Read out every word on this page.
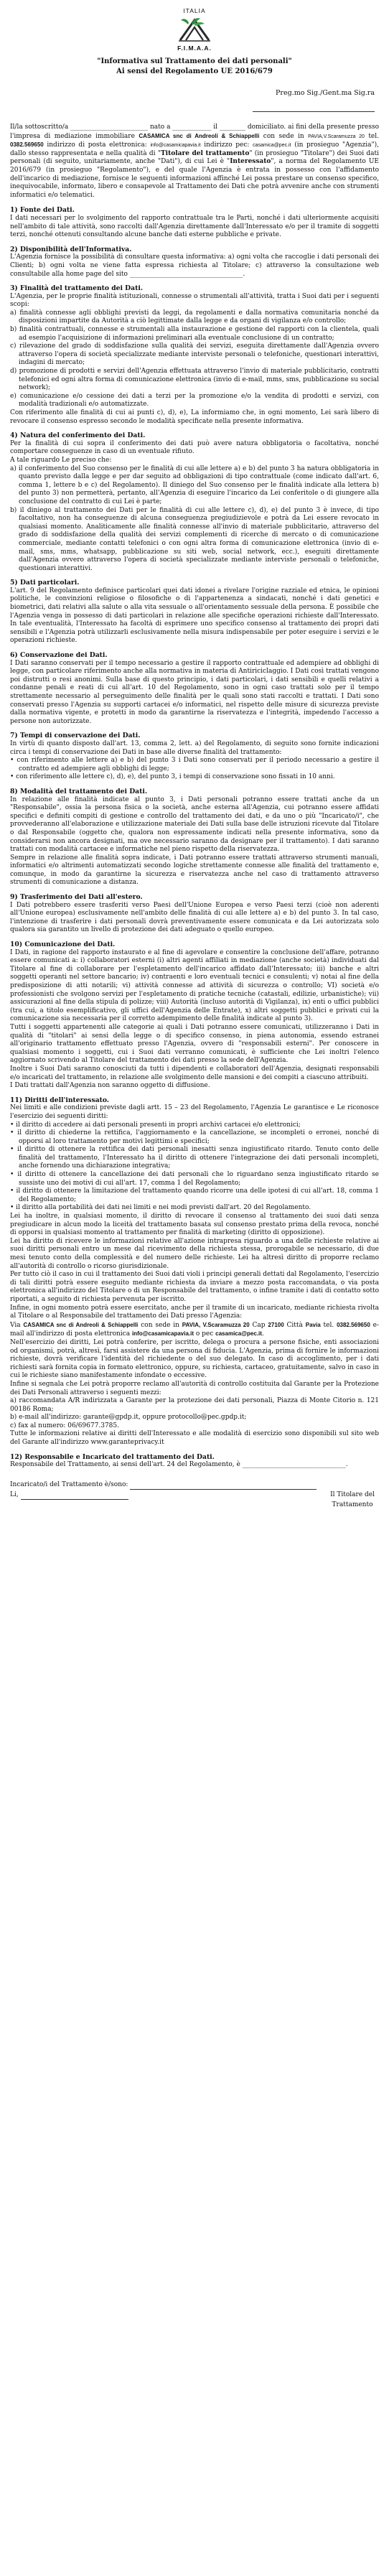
ITALIA
F.I.M.A.A.
"Informativa sul Trattamento dei dati personali"
Ai sensi del Regolamento UE 2016/679
Preg.mo Sig./Gent.ma Sig.ra

Il/la sottoscritto/a ________________________ nato a ____________ il ________ domiciliato. ai fini della presente presso l'impresa di mediazione immobiliare CASAMICA snc di Andreoli & Schiappelli con sede in PAVIA,V.Scaramuzza 20 tel. 0382.569650 indirizzo di posta elettronica: info@casamicapavia.it indirizzo pec: casamica@pec.it (in prosieguo "Agenzia"), dallo stesso rappresentata e nella qualità di "Titolare del trattamento" (in prosieguo "Titolare") dei Suoi dati personali (di seguito, unitariamente, anche "Dati"), di cui Lei è "Interessato", a norma del Regolamento UE 2016/679 (in prosieguo "Regolamento"), e del quale l'Agenzia è entrata in possesso con l'affidamento dell'incarico di mediazione, fornisce le seguenti informazioni affinché Lei possa prestare un consenso specifico, inequivocabile, informato, libero e consapevole al Trattamento dei Dati che potrà avvenire anche con strumenti informatici e/o telematici.

1) Fonte dei Dati.

I dati necessari per lo svolgimento del rapporto contrattuale tra le Parti, nonché i dati ulteriormente acquisiti nell'ambito di tale attività, sono raccolti dall'Agenzia direttamente dall'Interessato e/o per il tramite di soggetti terzi, nonché ottenuti consultando alcune banche dati esterne pubbliche e private.

2) Disponibilità dell'Informativa.

L'Agenzia fornisce la possibilità di consultare questa informativa: a) ogni volta che raccoglie i dati personali dei Clienti; b) ogni volta ne viene fatta espressa richiesta al Titolare; c) attraverso la consultazione web consultabile alla home page del sito ___________________________________.

3) Finalità del trattamento dei Dati.

L'Agenzia, per le proprie finalità istituzionali, connesse o strumentali all'attività, tratta i Suoi dati per i seguenti scopi:

a) finalità connesse agli obblighi previsti da leggi, da regolamenti e dalla normativa comunitaria nonché da disposizioni impartite da Autorità a ciò legittimate dalla legge e da organi di vigilanza e/o controllo;

b) finalità contrattuali, connesse e strumentali alla instaurazione e gestione del rapporti con la clientela, quali ad esempio l'acquisizione di informazioni preliminari alla eventuale conclusione di un contratto;

c) rilevazione del grado di soddisfazione sulla qualità dei servizi, eseguita direttamente dall'Agenzia ovvero attraverso l'opera di società specializzate mediante interviste personali o telefoniche, questionari interattivi, indagini di mercato;

d) promozione di prodotti e servizi dell'Agenzia effettuata attraverso l'invio di materiale pubblicitario, contratti telefonici ed ogni altra forma di comunicazione elettronica (invio di e-mail, mms, sms, pubblicazione su social network);

e) comunicazione e/o cessione dei dati a terzi per la promozione e/o la vendita di prodotti e servizi, con modalità tradizionali e/o automatizzate.

Con riferimento alle finalità di cui ai punti c), d), e), La informiamo che, in ogni momento, Lei sarà libero di revocare il consenso espresso secondo le modalità specificate nella presente informativa.

4) Natura del conferimento dei Dati.

Per la finalità di cui sopra il conferimento dei dati può avere natura obbligatoria o facoltativa, nonché comportare conseguenze in caso di un eventuale rifiuto.

A tale riguardo Le preciso che:

a) il conferimento del Suo consenso per le finalità di cui alle lettere a) e b) del punto 3 ha natura obbligatoria in quanto previsto dalla legge e per dar seguito ad obbligazioni di tipo contrattuale (come indicato dall'art. 6, comma 1, lettere b e c) del Regolamento). Il diniego del Suo consenso per le finalità indicate alla lettera b) del punto 3) non permetterà, pertanto, all'Agenzia di eseguire l'incarico da Lei conferitole o di giungere alla conclusione del contratto di cui Lei è parte;

b) il diniego al trattamento dei Dati per le finalità di cui alle lettere c), d), e) del punto 3 è invece, di tipo facoltativo, non ha conseguenze di alcuna conseguenza pregiudizievole e potrà da Lei essere revocato in qualsiasi momento. Analiticamente alle finalità connesse all'invio di materiale pubblicitario, attraverso del grado di soddisfazione della qualità dei servizi complementi di ricerche di mercato o di comunicazione commerciale, mediante contatti telefonici o con ogni altra forma di comunicazione elettronica (invio di e-mail, sms, mms, whatsapp, pubblicazione su siti web, social network, ecc.), eseguiti direttamente dall'Agenzia ovvero attraverso l'opera di società specializzate mediante interviste personali o telefoniche, questionari interattivi.

5) Dati particolari.

L'art. 9 del Regolamento definisce particolari quei dati idonei a rivelare l'origine razziale ed etnica, le opinioni politiche, le convinzioni religiose o filosofiche o di l'appartenenza a sindacati, nonché i dati genetici e biometrici, dati relativi alla salute o alla vita sessuale o all'orientamento sessuale della persona. È possibile che l'Agenzia venga in possesso di dati particolari in relazione alle specifiche operazioni richieste dall'Interessato. In tale eventualità, l'Interessato ha facoltà di esprimere uno specifico consenso al trattamento dei propri dati sensibili e l'Agenzia potrà utilizzarli esclusivamente nella misura indispensabile per poter eseguire i servizi e le operazioni richieste.

6) Conservazione dei Dati.

I Dati saranno conservati per il tempo necessario a gestire il rapporto contrattuale ed adempiere ad obblighi di legge, con particolare riferimento anche alla normativa in materia di Antiriciclaggio. I Dati così trattati vengono poi distrutti o resi anonimi. Sulla base di questo principio, i dati particolari, i dati sensibili e quelli relativi a condanne penali e reati di cui all'art. 10 del Regolamento, sono in ogni caso trattati solo per il tempo strettamente necessario al perseguimento delle finalità per le quali sono stati raccolti e trattati. I Dati sono conservati presso l'Agenzia su supporti cartacei e/o informatici, nel rispetto delle misure di sicurezza previste dalla normativa vigente, e protetti in modo da garantirne la riservatezza e l'integrità, impedendo l'accesso a persone non autorizzate.

7) Tempi di conservazione dei Dati.

In virtù di quanto disposto dall'art. 13, comma 2, lett. a) del Regolamento, di seguito sono fornite indicazioni circa i tempi di conservazione dei Dati in base alle diverse finalità del trattamento:

• con riferimento alle lettere a) e b) del punto 3 i Dati sono conservati per il periodo necessario a gestire il contratto ed adempiere agli obblighi di legge;

• con riferimento alle lettere c), d), e), del punto 3, i tempi di conservazione sono fissati in 10 anni.

8) Modalità del trattamento dei Dati.

In relazione alle finalità indicate al punto 3, i Dati personali potranno essere trattati anche da un "Responsabile", ossia la persona fisica o la società, anche esterna all'Agenzia, cui potranno essere affidati specifici e definiti compiti di gestione e controllo del trattamento dei dati, e da uno o più "Incaricato/i", che provvederanno all'elaborazione e utilizzazione materiale dei Dati sulla base delle istruzioni ricevute dal Titolare o dal Responsabile (oggetto che, qualora non espressamente indicati nella presente informativa, sono da considerarsi non ancora designati, ma ove necessario saranno da designare per il trattamento). I dati saranno trattati con modalità cartacee e informatiche nel pieno rispetto della riservatezza.

Sempre in relazione alle finalità sopra indicate, i Dati potranno essere trattati attraverso strumenti manuali, informatici e/o altrimenti automatizzati secondo logiche strettamente connesse alle finalità del trattamento e, comunque, in modo da garantirne la sicurezza e riservatezza anche nel caso di trattamento attraverso strumenti di comunicazione a distanza.

9) Trasferimento dei Dati all'estero.

I Dati potrebbero essere trasferiti verso Paesi dell'Unione Europea e verso Paesi terzi (cioè non aderenti all'Unione europea) esclusivamente nell'ambito delle finalità di cui alle lettere a) e b) del punto 3. In tal caso, l'intenzione di trasferire i dati personali dovrà preventivamente essere comunicata e da Lei autorizzata solo qualora sia garantito un livello di protezione dei dati adeguato o quello europeo.

10) Comunicazione dei Dati.

I Dati, in ragione del rapporto instaurato e al fine di agevolare e consentire la conclusione dell'affare, potranno essere comunicati a: i) collaboratori esterni (i) altri agenti affiliati in mediazione (anche società) individuati dal Titolare al fine di collaborare per l'espletamento dell'incarico affidato dall'Interessato; iii) banche e altri soggetti operanti nel settore bancario; iv) contraenti e loro eventuali tecnici e consulenti; v) notai al fine della predisposizione di atti notarili; vi) attività connesse ad attività di sicurezza o controllo; VI) società e/o professionisti che svolgono servizi per l'espletamento di pratiche tecniche (catastali, edilizie, urbanistiche); vii) assicurazioni al fine della stipula di polizze; viii) Autorità (incluso autorità di Vigilanza), ix) enti o uffici pubblici (tra cui, a titolo esemplificativo, gli uffici dell'Agenzia delle Entrate), x) altri soggetti pubblici e privati cui la comunicazione sia necessaria per il corretto adempimento delle finalità indicate al punto 3).

Tutti i soggetti appartenenti alle categorie ai quali i Dati potranno essere comunicati, utilizzeranno i Dati in qualità di "titolari" ai sensi della legge o di specifico consenso, in piena autonomia, essendo estranei all'originario trattamento effettuato presso l'Agenzia, ovvero di "responsabili esterni". Per conoscere in qualsiasi momento i soggetti, cui i Suoi dati verranno comunicati, è sufficiente che Lei inoltri l'elenco aggiornato scrivendo al Titolare del trattamento dei dati presso la sede dell'Agenzia.

Inoltre i Suoi Dati saranno conosciuti da tutti i dipendenti e collaboratori dell'Agenzia, designati responsabili e/o incaricati del trattamento, in relazione alle svolgimento delle mansioni e dei compiti a ciascuno attribuiti.

I Dati trattati dall'Agenzia non saranno oggetto di diffusione.

11) Diritti dell'interessato.

Nei limiti e alle condizioni previste dagli artt. 15 – 23 del Regolamento, l'Agenzia Le garantisce e Le riconosce l'esercizio dei seguenti diritti:

• il diritto di accedere ai dati personali presenti in propri archivi cartacei e/o elettronici;

• il diritto di chiederne la rettifica, l'aggiornamento e la cancellazione, se incompleti o erronei, nonché di opporsi al loro trattamento per motivi legittimi e specifici;

• il diritto di ottenere la rettifica dei dati personali inesatti senza ingiustificato ritardo. Tenuto conto delle finalità del trattamento, l'Interessato ha il diritto di ottenere l'integrazione dei dati personali incompleti, anche fornendo una dichiarazione integrativa;

• il diritto di ottenere la cancellazione dei dati personali che lo riguardano senza ingiustificato ritardo se sussiste uno dei motivi di cui all'art. 17, comma 1 del Regolamento;

• il diritto di ottenere la limitazione del trattamento quando ricorre una delle ipotesi di cui all'art. 18, comma 1 del Regolamento;

• il diritto alla portabilità dei dati nei limiti e nei modi previsti dall'art. 20 del Regolamento.

Lei ha inoltre, in qualsiasi momento, il diritto di revocare il consenso al trattamento dei suoi dati senza pregiudicare in alcun modo la liceità del trattamento basata sul consenso prestato prima della revoca, nonché di opporsi in qualsiasi momento al trattamento per finalità di marketing (diritto di opposizione).

Lei ha diritto di ricevere le informazioni relative all'azione intrapresa riguardo a una delle richieste relative ai suoi diritti personali entro un mese dal ricevimento della richiesta stessa, prorogabile se necessario, di due mesi tenuto conto della complessità e del numero delle richieste. Lei ha altresì diritto di proporre reclamo all'autorità di controllo o ricorso giurisdizionale.

Per tutto ciò il caso in cui il trattamento dei Suoi dati violi i principi generali dettati dal Regolamento, l'esercizio di tali diritti potrà essere eseguito mediante richiesta da inviare a mezzo posta raccomandata, o via posta elettronica all'indirizzo del Titolare o di un Responsabile del trattamento, o infine tramite i dati di contatto sotto riportati, a seguito di richiesta pervenuta per iscritto.

Infine, in ogni momento potrà essere esercitato, anche per il tramite di un incaricato, mediante richiesta rivolta al Titolare o al Responsabile del trattamento dei Dati presso l'Agenzia:

Via CASAMICA snc di Andreoli & Schiappelli con sede in PAVIA, V.Scaramuzza 20 Cap 27100 Città Pavia tel. 0382.569650 e-mail all'indirizzo di posta elettronica info@casamicapavia.it o pec casamica@pec.it.

Nell'esercizio dei diritti, Lei potrà conferire, per iscritto, delega o procura a persone fisiche, enti associazioni od organismi, potrà, altresì, farsi assistere da una persona di fiducia. L'Agenzia, prima di fornire le informazioni richieste, dovrà verificare l'identità del richiedente o del suo delegato. In caso di accoglimento, per i dati richiesti sarà fornita copia in formato elettronico, oppure, su richiesta, cartaceo, gratuitamente, salvo in caso in cui le richieste siano manifestamente infondate o eccessive.

Infine si segnala che Lei potrà proporre reclamo all'autorità di controllo costituita dal Garante per la Protezione dei Dati Personali attraverso i seguenti mezzi:

a) raccomandata A/R indirizzata a Garante per la protezione dei dati personali, Piazza di Monte Citorio n. 121 00186 Roma;

b) e-mail all'indirizzo: garante@gpdp.it, oppure protocollo@pec.gpdp.it;

c) fax al numero: 06/69677.3785.

Tutte le informazioni relative ai diritti dell'Interessato e alle modalità di esercizio sono disponibili sul sito web del Garante all'indirizzo www.garanteprivacy.it

12) Responsabile e Incaricato del trattamento dei Dati.

Responsabile del Trattamento, ai sensi dell'art. 24 del Regolamento, è ________________________________.

Incaricato/i del Trattamento è/sono:
Li,	Il Titolare del
Trattamento
